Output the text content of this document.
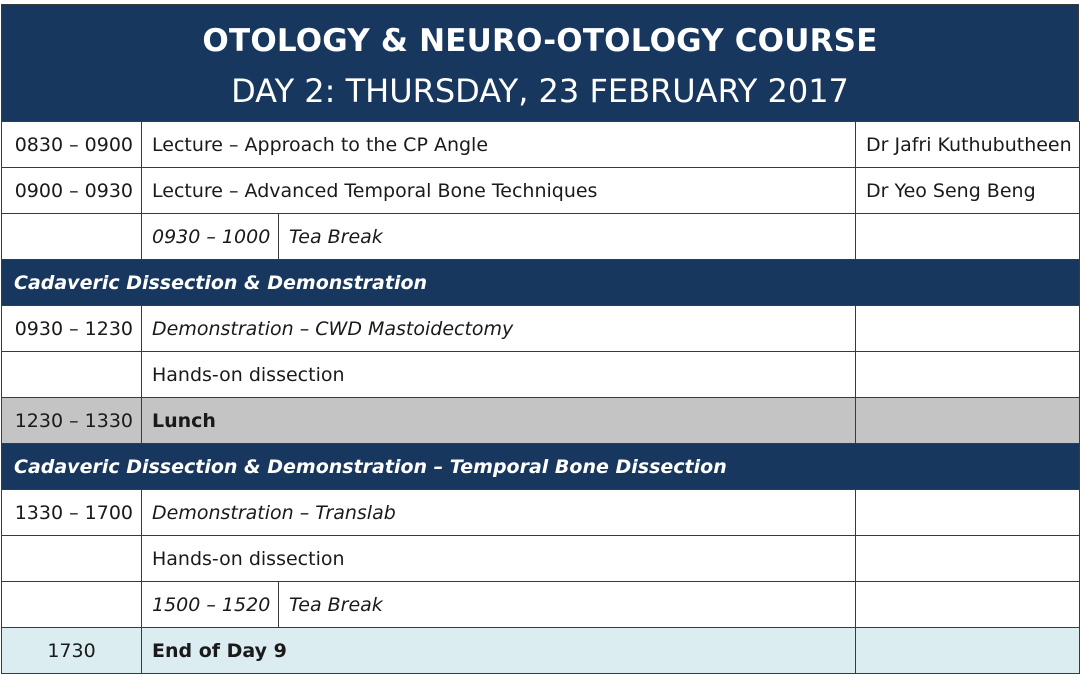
OTOLOGY & NEURO-OTOLOGY COURSE
DAY 2: THURSDAY, 23 FEBRUARY 2017
0830 – 0900	Lecture – Approach to the CP Angle		Dr Jafri Kuthubutheen
0900 – 0930	Lecture – Advanced Temporal Bone Techniques		Dr Yeo Seng Beng
	0930 – 1000	Tea Break	
Cadaveric Dissection & Demonstration			
0930 – 1230	Demonstration – CWD Mastoidectomy		
	Hands-on dissection		
1230 – 1330	Lunch		
Cadaveric Dissection & Demonstration – Temporal Bone Dissection			
1330 – 1700	Demonstration – Translab		
	Hands-on dissection		
	1500 – 1520	Tea Break	
1730	End of Day 9		
